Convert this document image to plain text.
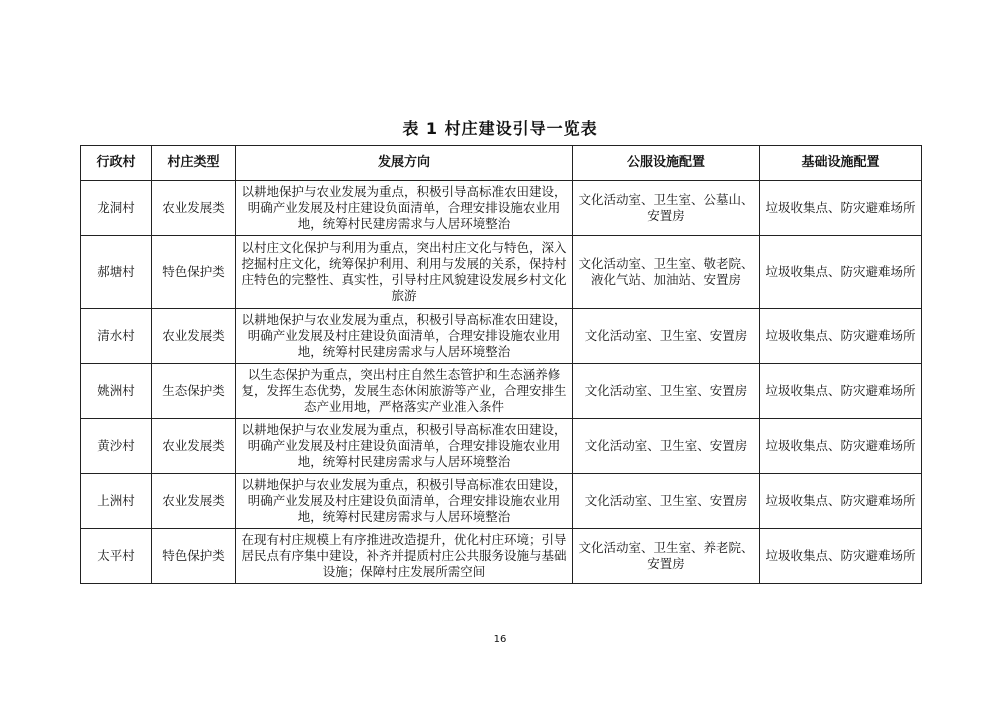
表 1 村庄建设引导一览表
行政村	村庄类型	发展方向	公服设施配置	基础设施配置
龙洞村	农业发展类	以耕地保护与农业发展为重点，积极引导高标准农田建设，明确产业发展及村庄建设负面清单，合理安排设施农业用地，统筹村民建房需求与人居环境整治	文化活动室、卫生室、公墓山、安置房	垃圾收集点、防灾避难场所
郝塘村	特色保护类	以村庄文化保护与利用为重点，突出村庄文化与特色，深入挖掘村庄文化，统筹保护利用、利用与发展的关系，保持村庄特色的完整性、真实性，引导村庄风貌建设发展乡村文化旅游	文化活动室、卫生室、敬老院、液化气站、加油站、安置房	垃圾收集点、防灾避难场所
清水村	农业发展类	以耕地保护与农业发展为重点，积极引导高标准农田建设，明确产业发展及村庄建设负面清单，合理安排设施农业用地，统筹村民建房需求与人居环境整治	文化活动室、卫生室、安置房	垃圾收集点、防灾避难场所
姚洲村	生态保护类	以生态保护为重点，突出村庄自然生态管护和生态涵养修复，发挥生态优势，发展生态休闲旅游等产业，合理安排生态产业用地，严格落实产业准入条件	文化活动室、卫生室、安置房	垃圾收集点、防灾避难场所
黄沙村	农业发展类	以耕地保护与农业发展为重点，积极引导高标准农田建设，明确产业发展及村庄建设负面清单，合理安排设施农业用地，统筹村民建房需求与人居环境整治	文化活动室、卫生室、安置房	垃圾收集点、防灾避难场所
上洲村	农业发展类	以耕地保护与农业发展为重点，积极引导高标准农田建设，明确产业发展及村庄建设负面清单，合理安排设施农业用地，统筹村民建房需求与人居环境整治	文化活动室、卫生室、安置房	垃圾收集点、防灾避难场所
太平村	特色保护类	在现有村庄规模上有序推进改造提升，优化村庄环境；引导居民点有序集中建设，补齐并提质村庄公共服务设施与基础设施；保障村庄发展所需空间	文化活动室、卫生室、养老院、安置房	垃圾收集点、防灾避难场所
16
